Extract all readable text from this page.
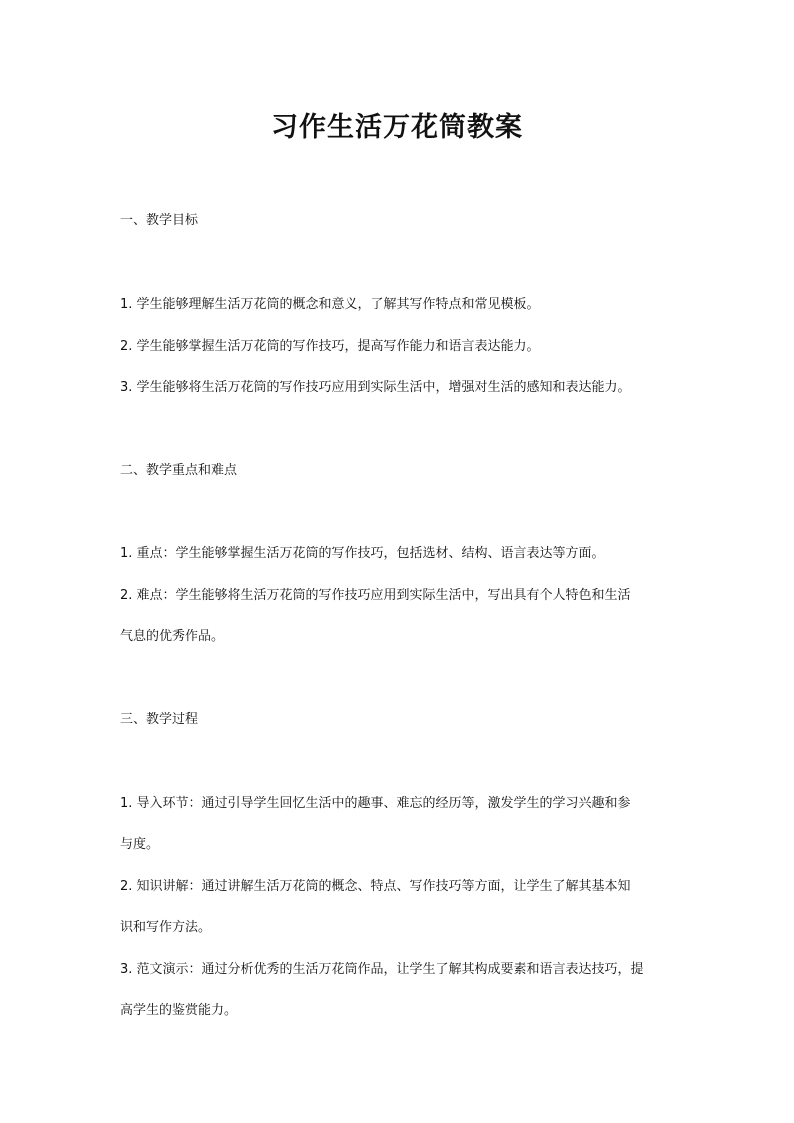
习作生活万花筒教案
一、教学目标
1. 学生能够理解生活万花筒的概念和意义，了解其写作特点和常见模板。
2. 学生能够掌握生活万花筒的写作技巧，提高写作能力和语言表达能力。
3. 学生能够将生活万花筒的写作技巧应用到实际生活中，增强对生活的感知和表达能力。
二、教学重点和难点
1. 重点：学生能够掌握生活万花筒的写作技巧，包括选材、结构、语言表达等方面。
2. 难点：学生能够将生活万花筒的写作技巧应用到实际生活中，写出具有个人特色和生活
气息的优秀作品。
三、教学过程
1. 导入环节：通过引导学生回忆生活中的趣事、难忘的经历等，激发学生的学习兴趣和参
与度。
2. 知识讲解：通过讲解生活万花筒的概念、特点、写作技巧等方面，让学生了解其基本知
识和写作方法。
3. 范文演示：通过分析优秀的生活万花筒作品，让学生了解其构成要素和语言表达技巧，提
高学生的鉴赏能力。
